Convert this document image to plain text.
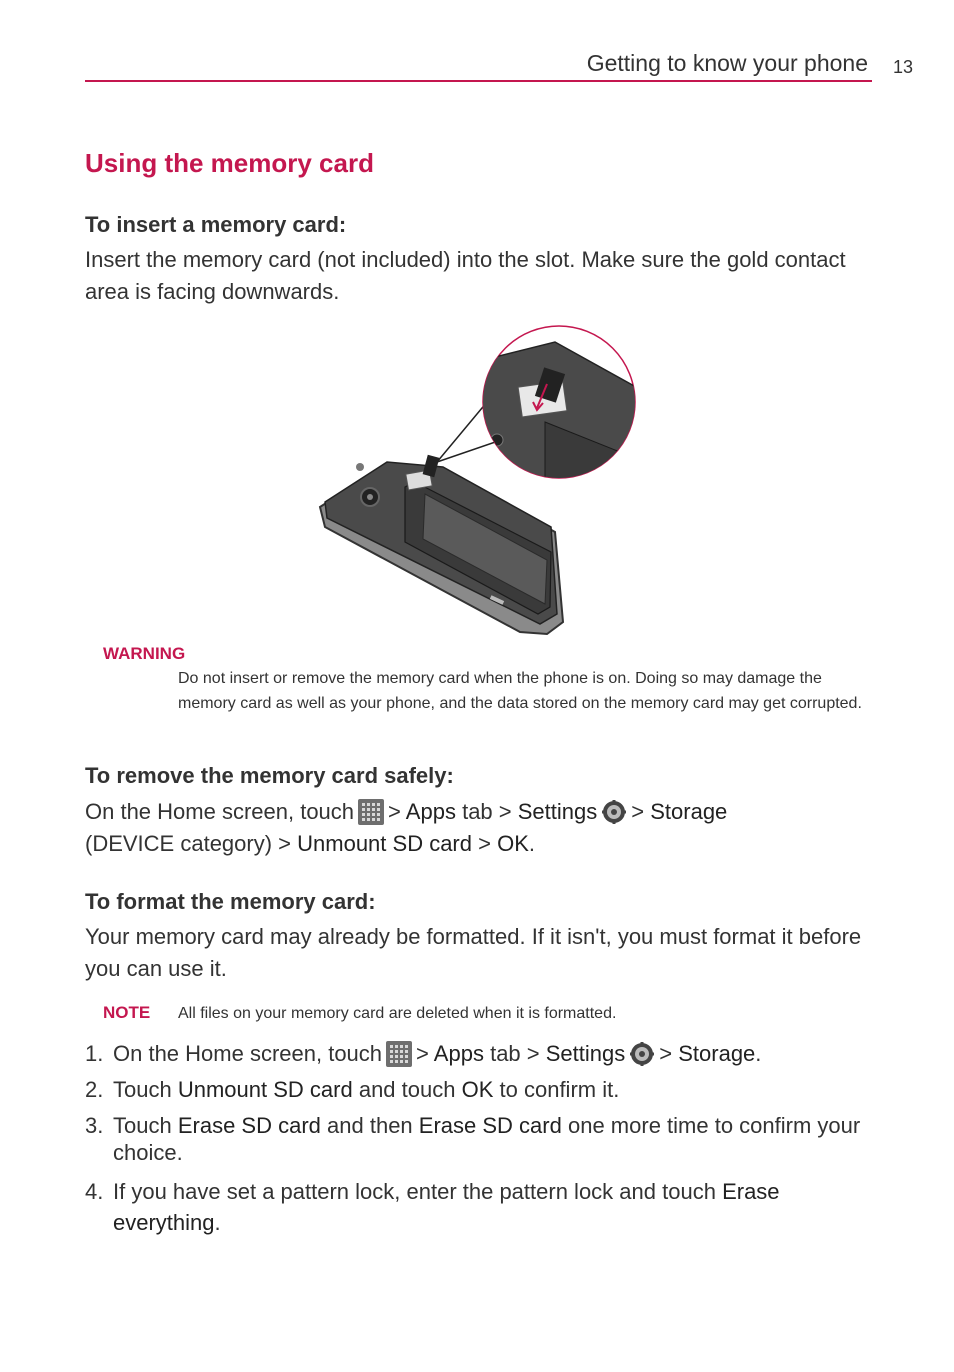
Getting to know your phone 13
Using the memory card
To insert a memory card:
Insert the memory card (not included) into the slot. Make sure the gold contact area is facing downwards.
WARNING
Do not insert or remove the memory card when the phone is on. Doing so may damage the memory card as well as your phone, and the data stored on the memory card may get corrupted.
To remove the memory card safely:
On the Home screen, touch > Apps tab > Settings > Storage
(DEVICE category) > Unmount SD card > OK.
To format the memory card:
Your memory card may already be formatted. If it isn't, you must format it before you can use it.
NOTE All files on your memory card are deleted when it is formatted.
1. On the Home screen, touch > Apps tab > Settings > Storage.
2. Touch Unmount SD card and touch OK to confirm it.
3. Touch Erase SD card and then Erase SD card one more time to confirm your choice.
4. If you have set a pattern lock, enter the pattern lock and touch Erase everything.
